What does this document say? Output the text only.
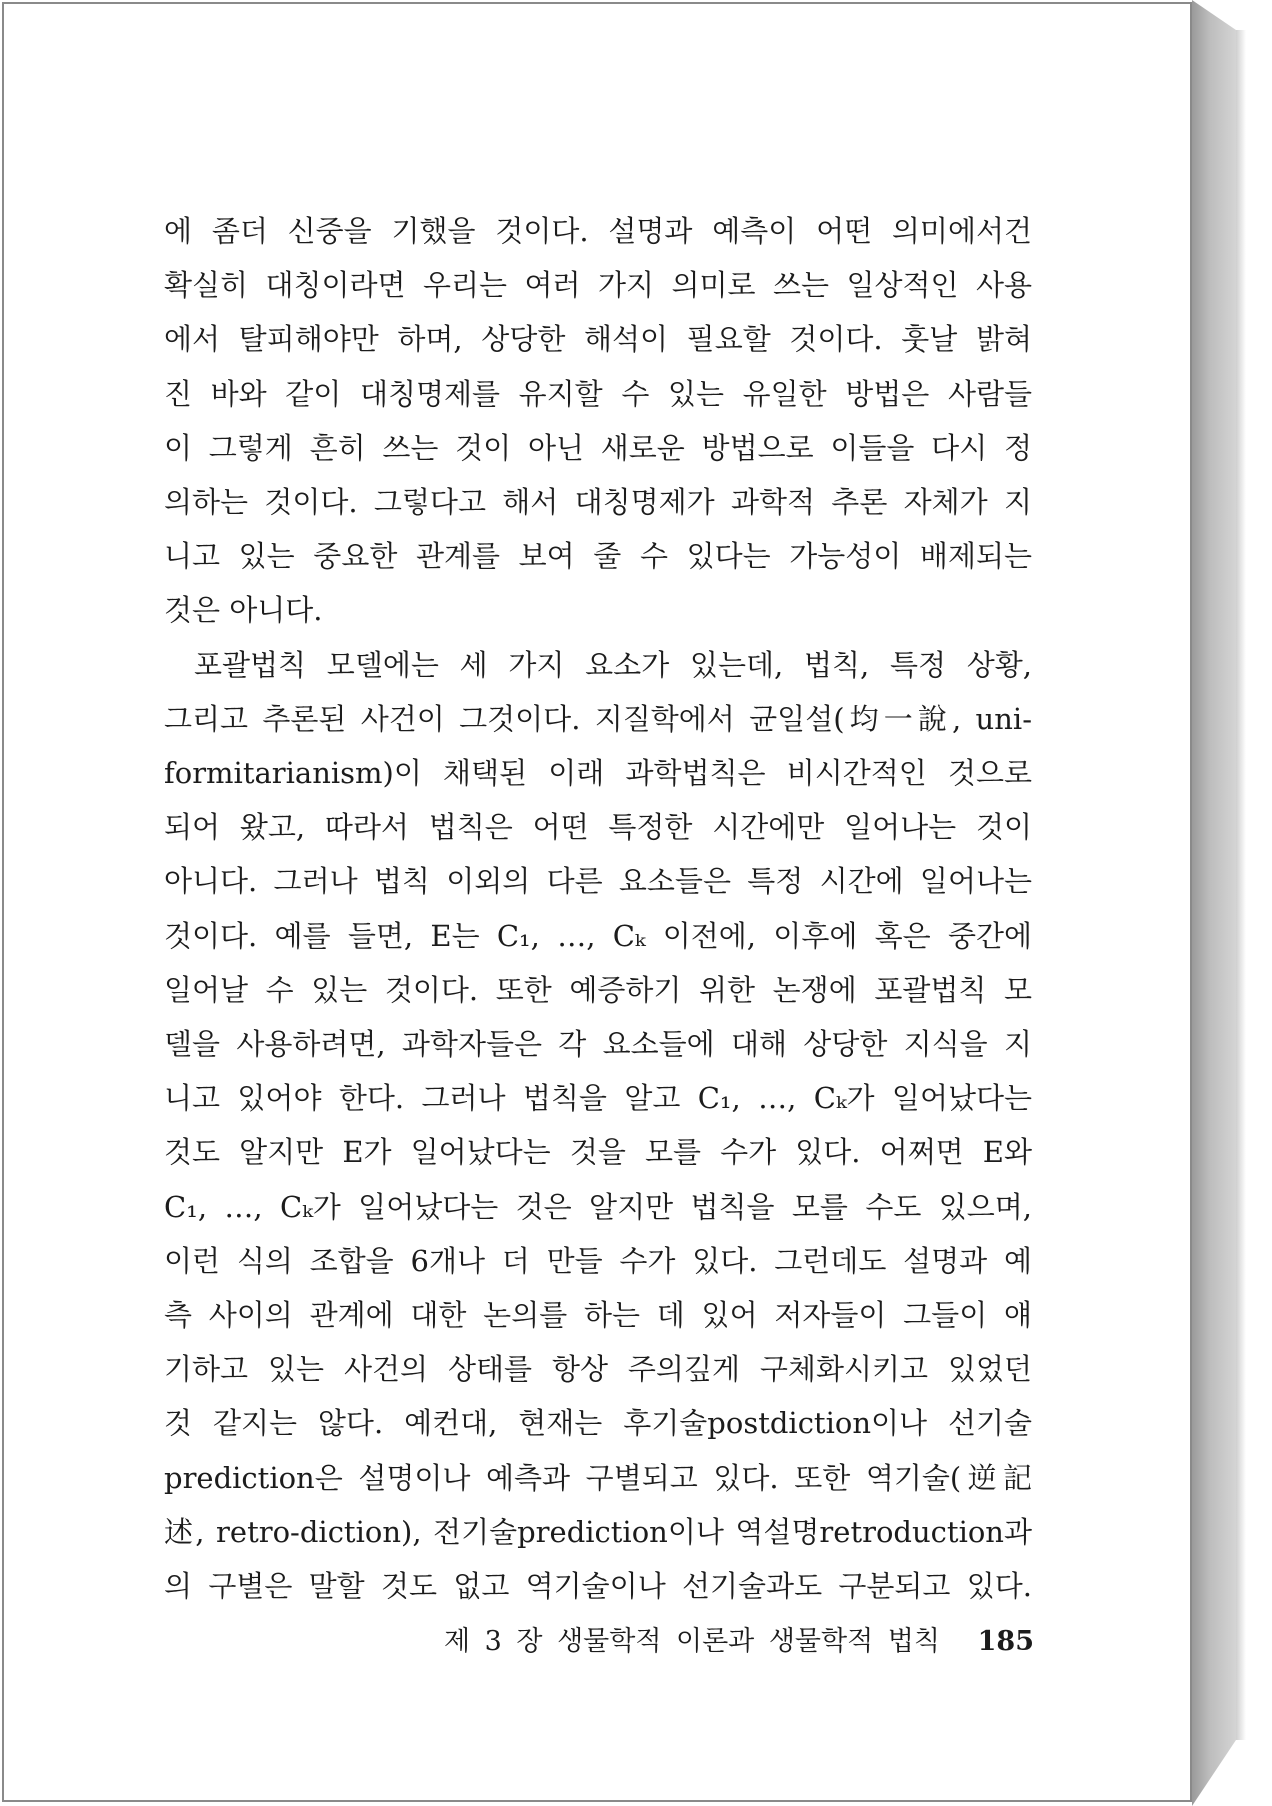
에 좀더 신중을 기했을 것이다. 설명과 예측이 어떤 의미에서건

확실히 대칭이라면 우리는 여러 가지 의미로 쓰는 일상적인 사용

에서 탈피해야만 하며, 상당한 해석이 필요할 것이다. 훗날 밝혀

진 바와 같이 대칭명제를 유지할 수 있는 유일한 방법은 사람들

이 그렇게 흔히 쓰는 것이 아닌 새로운 방법으로 이들을 다시 정

의하는 것이다. 그렇다고 해서 대칭명제가 과학적 추론 자체가 지

니고 있는 중요한 관계를 보여 줄 수 있다는 가능성이 배제되는

것은 아니다.

포괄법칙 모델에는 세 가지 요소가 있는데, 법칙, 특정 상황,

그리고 추론된 사건이 그것이다. 지질학에서 균일설(均一說, uni-

formitarianism)이 채택된 이래 과학법칙은 비시간적인 것으로

되어 왔고, 따라서 법칙은 어떤 특정한 시간에만 일어나는 것이

아니다. 그러나 법칙 이외의 다른 요소들은 특정 시간에 일어나는

것이다. 예를 들면, E는 C₁, …, Cₖ 이전에, 이후에 혹은 중간에

일어날 수 있는 것이다. 또한 예증하기 위한 논쟁에 포괄법칙 모

델을 사용하려면, 과학자들은 각 요소들에 대해 상당한 지식을 지

니고 있어야 한다. 그러나 법칙을 알고 C₁, …, Cₖ가 일어났다는

것도 알지만 E가 일어났다는 것을 모를 수가 있다. 어쩌면 E와

C₁, …, Cₖ가 일어났다는 것은 알지만 법칙을 모를 수도 있으며,

이런 식의 조합을 6개나 더 만들 수가 있다. 그런데도 설명과 예

측 사이의 관계에 대한 논의를 하는 데 있어 저자들이 그들이 얘

기하고 있는 사건의 상태를 항상 주의깊게 구체화시키고 있었던

것 같지는 않다. 예컨대, 현재는 후기술postdiction이나 선기술

prediction은 설명이나 예측과 구별되고 있다. 또한 역기술(逆記

述, retro-diction), 전기술prediction이나 역설명retroduction과

의 구별은 말할 것도 없고 역기술이나 선기술과도 구분되고 있다.

제 3 장 생물학적 이론과 생물학적 법칙 185
